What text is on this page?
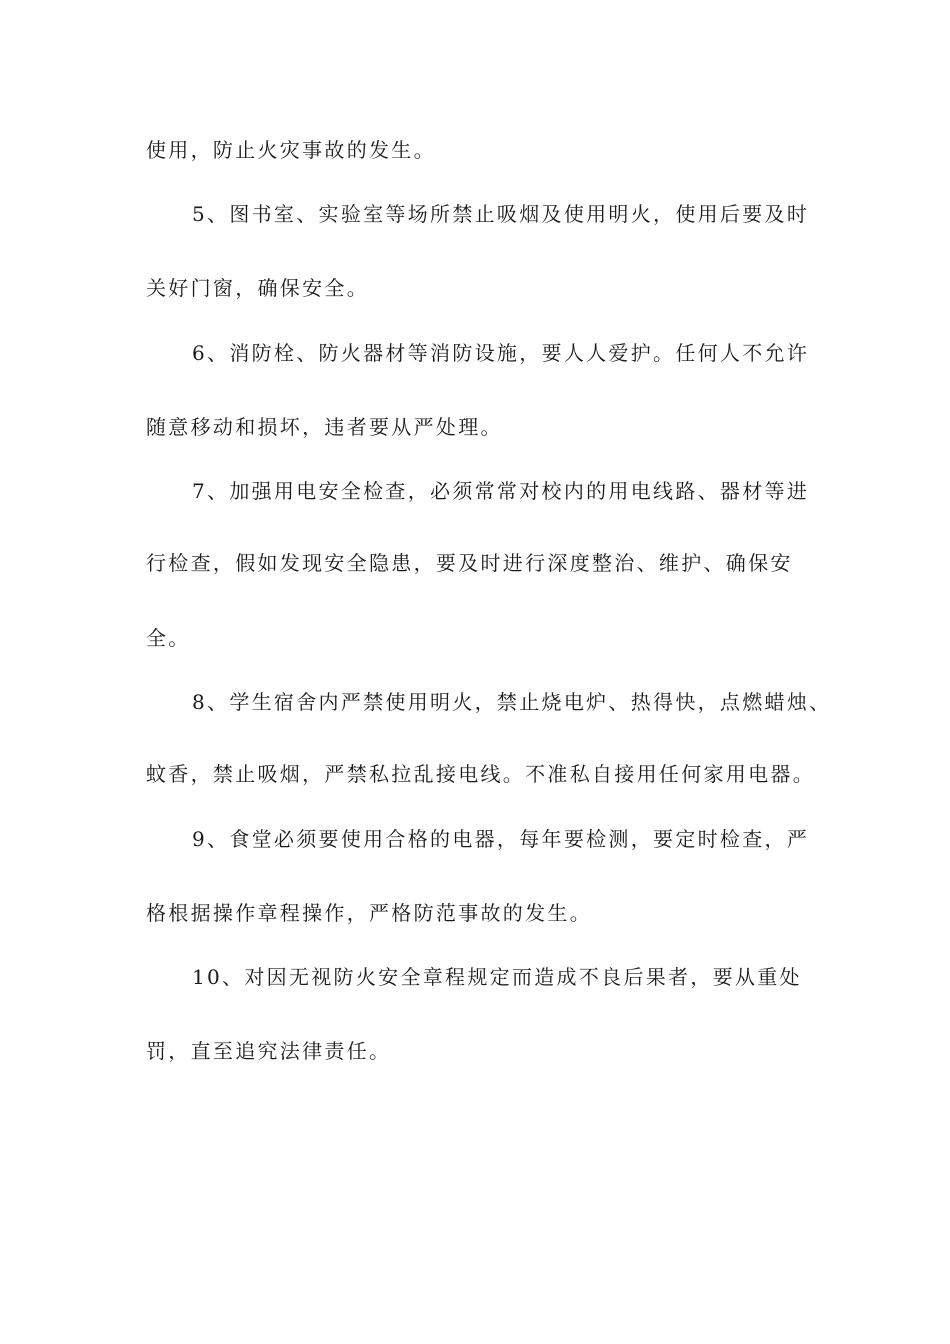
使用，防止火灾事故的发生。
5、图书室、实验室等场所禁止吸烟及使用明火，使用后要及时
关好门窗，确保安全。
6、消防栓、防火器材等消防设施，要人人爱护。任何人不允许
随意移动和损坏，违者要从严处理。
7、加强用电安全检查，必须常常对校内的用电线路、器材等进
行检查，假如发现安全隐患，要及时进行深度整治、维护、确保安
全。
8、学生宿舍内严禁使用明火，禁止烧电炉、热得快，点燃蜡烛、
蚊香，禁止吸烟，严禁私拉乱接电线。不准私自接用任何家用电器。
9、食堂必须要使用合格的电器，每年要检测，要定时检查，严
格根据操作章程操作，严格防范事故的发生。
10、对因无视防火安全章程规定而造成不良后果者，要从重处
罚，直至追究法律责任。
